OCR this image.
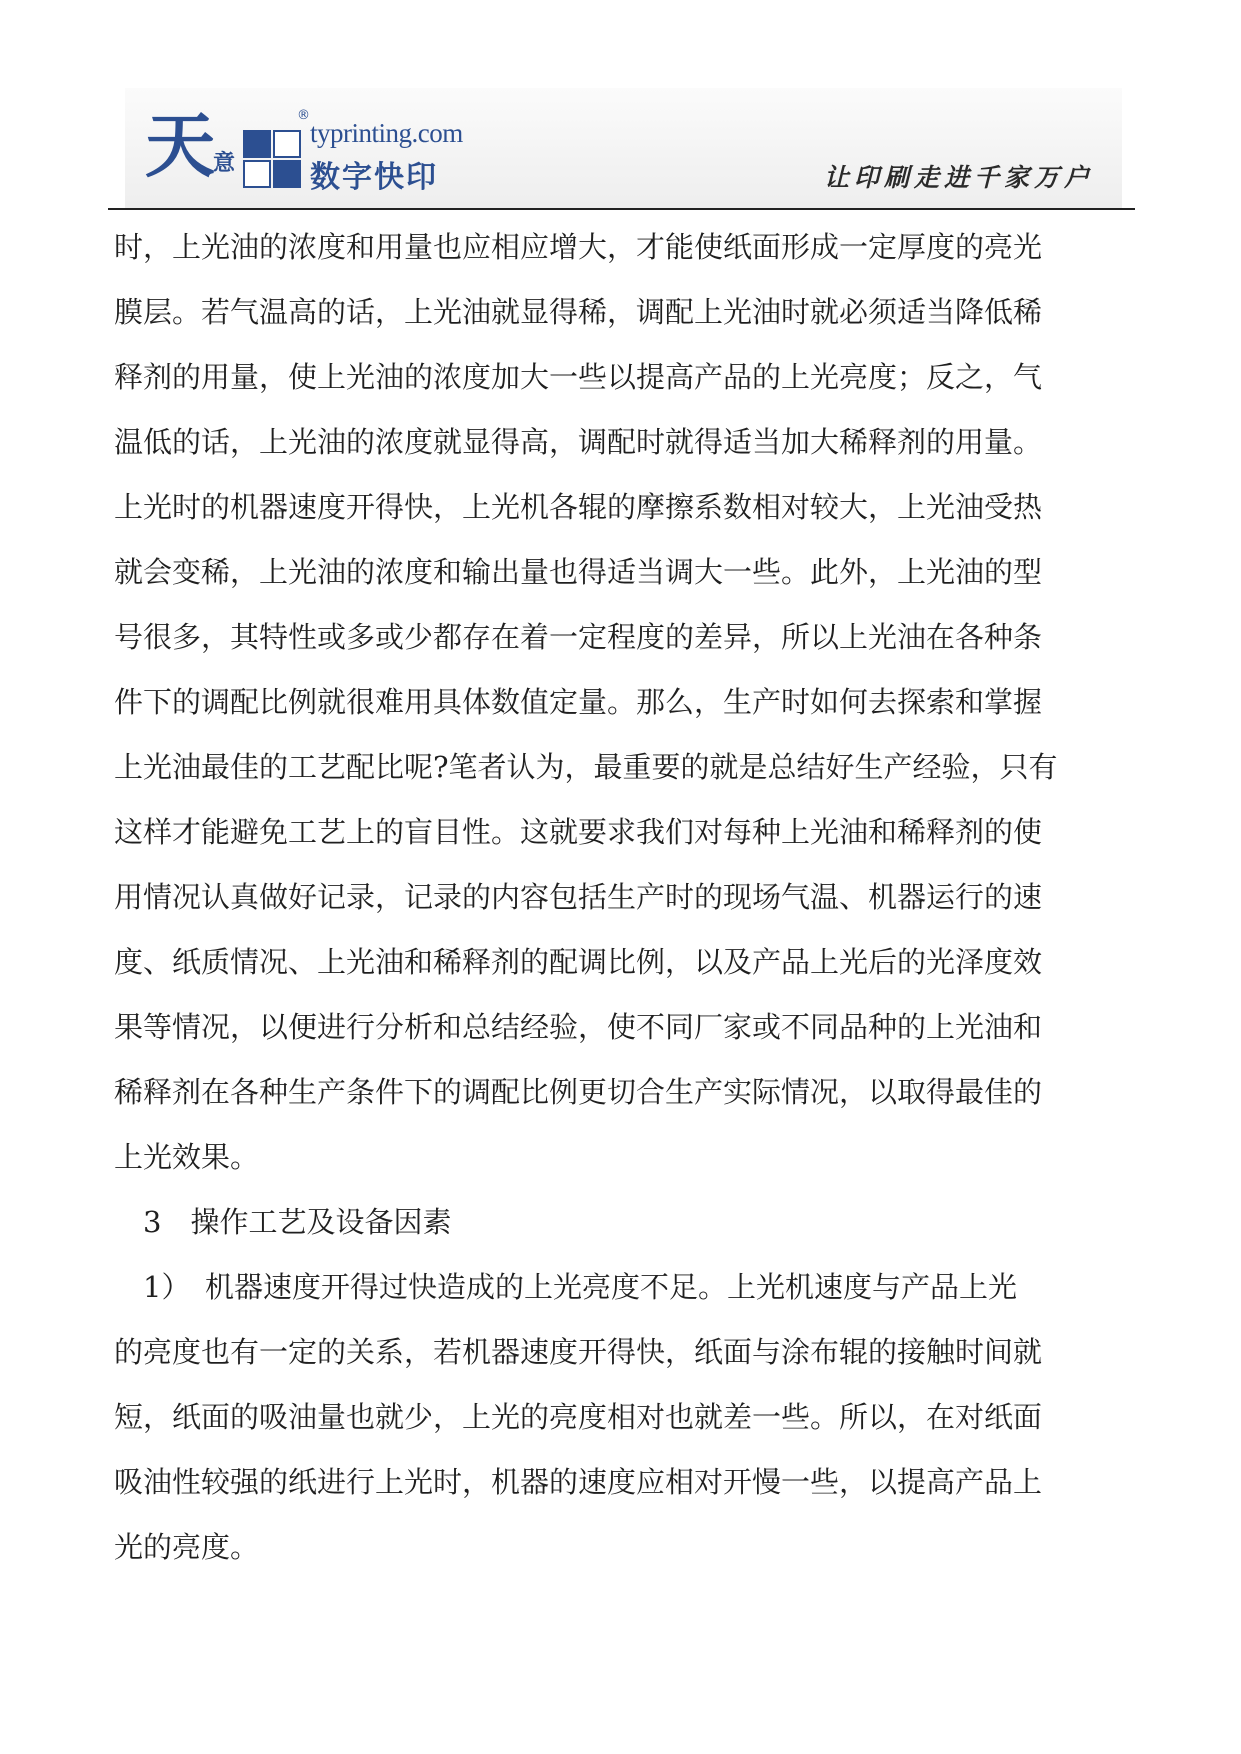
天
意
®
typrinting.com
数字快印	让印刷走进千家万户
时，上光油的浓度和用量也应相应增大，才能使纸面形成一定厚度的亮光
膜层。若气温高的话，上光油就显得稀，调配上光油时就必须适当降低稀
释剂的用量，使上光油的浓度加大一些以提高产品的上光亮度；反之，气
温低的话，上光油的浓度就显得高，调配时就得适当加大稀释剂的用量。
上光时的机器速度开得快，上光机各辊的摩擦系数相对较大，上光油受热
就会变稀，上光油的浓度和输出量也得适当调大一些。此外，上光油的型
号很多，其特性或多或少都存在着一定程度的差异，所以上光油在各种条
件下的调配比例就很难用具体数值定量。那么，生产时如何去探索和掌握
上光油最佳的工艺配比呢?笔者认为，最重要的就是总结好生产经验，只有
这样才能避免工艺上的盲目性。这就要求我们对每种上光油和稀释剂的使
用情况认真做好记录，记录的内容包括生产时的现场气温、机器运行的速
度、纸质情况、上光油和稀释剂的配调比例，以及产品上光后的光泽度效
果等情况，以便进行分析和总结经验，使不同厂家或不同品种的上光油和
稀释剂在各种生产条件下的调配比例更切合生产实际情况，以取得最佳的
上光效果。
　3　操作工艺及设备因素
　1）　机器速度开得过快造成的上光亮度不足。上光机速度与产品上光
的亮度也有一定的关系，若机器速度开得快，纸面与涂布辊的接触时间就
短，纸面的吸油量也就少，上光的亮度相对也就差一些。所以，在对纸面
吸油性较强的纸进行上光时，机器的速度应相对开慢一些，以提高产品上
光的亮度。
